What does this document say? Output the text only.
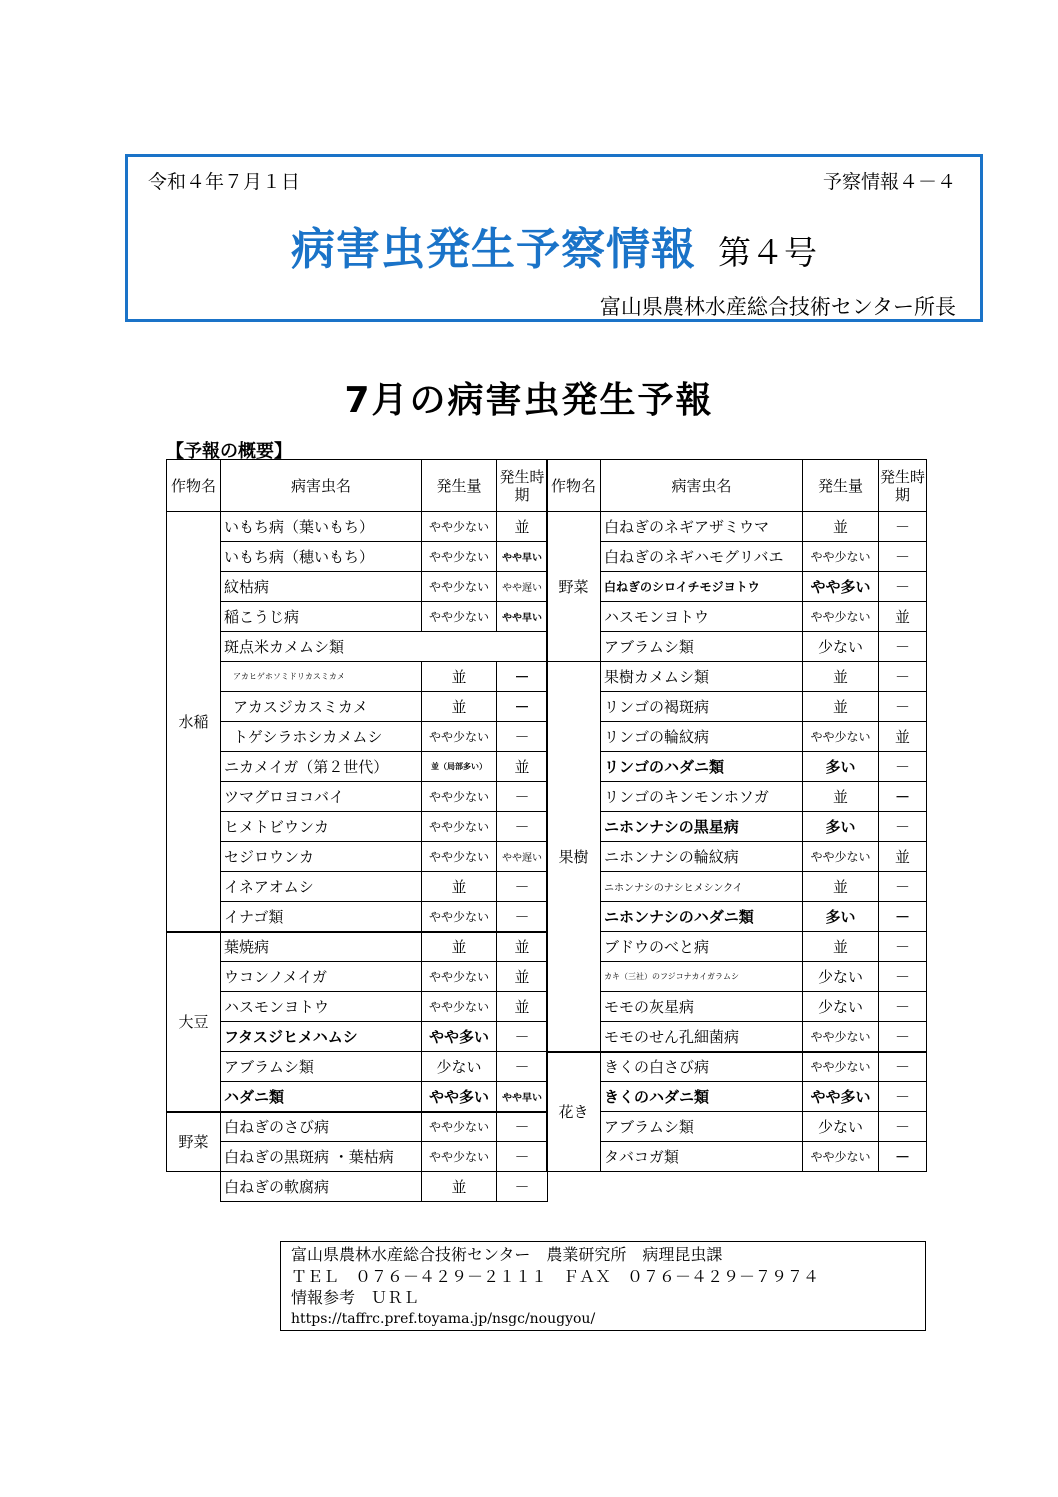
令和４年７月１日	予察情報４－４
病害虫発生予察情報 第４号
富山県農林水産総合技術センター所長
7月の病害虫発生予報
【予報の概要】
作物名	病害虫名	発生量	発生時期
水稲	いもち病（葉いもち）	やや少ない	並
	いもち病（穂いもち）	やや少ない	やや早い
	紋枯病	やや少ない	やや遅い
	稲こうじ病	やや少ない	やや早い
	斑点米カメムシ類		
	アカヒゲホソミドリカスミカメ	並	－
	アカスジカスミカメ	並	－
	トゲシラホシカメムシ	やや少ない	－
	ニカメイガ（第２世代）	並（局部多い）	並
	ツマグロヨコバイ	やや少ない	－
	ヒメトビウンカ	やや少ない	－
	セジロウンカ	やや少ない	やや遅い
	イネアオムシ	並	－
	イナゴ類	やや少ない	－
大豆	葉焼病	並	並
	ウコンノメイガ	やや少ない	並
	ハスモンヨトウ	やや少ない	並
	フタスジヒメハムシ	やや多い	－
	アブラムシ類	少ない	－
	ハダニ類	やや多い	やや早い
野菜	白ねぎのさび病	やや少ない	－
	白ねぎの黒斑病 ・葉枯病	やや少ない	－
	白ねぎの軟腐病	並	－
作物名	病害虫名	発生量	発生時期
野菜	白ねぎのネギアザミウマ	並	－
	白ねぎのネギハモグリバエ	やや少ない	－
	白ねぎのシロイチモジヨトウ	やや多い	－
	ハスモンヨトウ	やや少ない	並
	アブラムシ類	少ない	－
果樹	果樹カメムシ類	並	－
	リンゴの褐斑病	並	－
	リンゴの輪紋病	やや少ない	並
	リンゴのハダニ類	多い	－
	リンゴのキンモンホソガ	並	－
	ニホンナシの黒星病	多い	－
	ニホンナシの輪紋病	やや少ない	並
	ニホンナシのナシヒメシンクイ	並	－
	ニホンナシのハダニ類	多い	－
	ブドウのべと病	並	－
	カキ（三社）のフジコナカイガラムシ	少ない	－
	モモの灰星病	少ない	－
	モモのせん孔細菌病	やや少ない	－
花き	きくの白さび病	やや少ない	－
	きくのハダニ類	やや多い	－
	アブラムシ類	少ない	－
	タバコガ類	やや少ない	－
富山県農林水産総合技術センター　農業研究所　病理昆虫課
ＴＥＬ　０７６－４２９－２１１１　ＦＡＸ　０７６－４２９－７９７４
情報参考　ＵＲＬ
https://taffrc.pref.toyama.jp/nsgc/nougyou/
